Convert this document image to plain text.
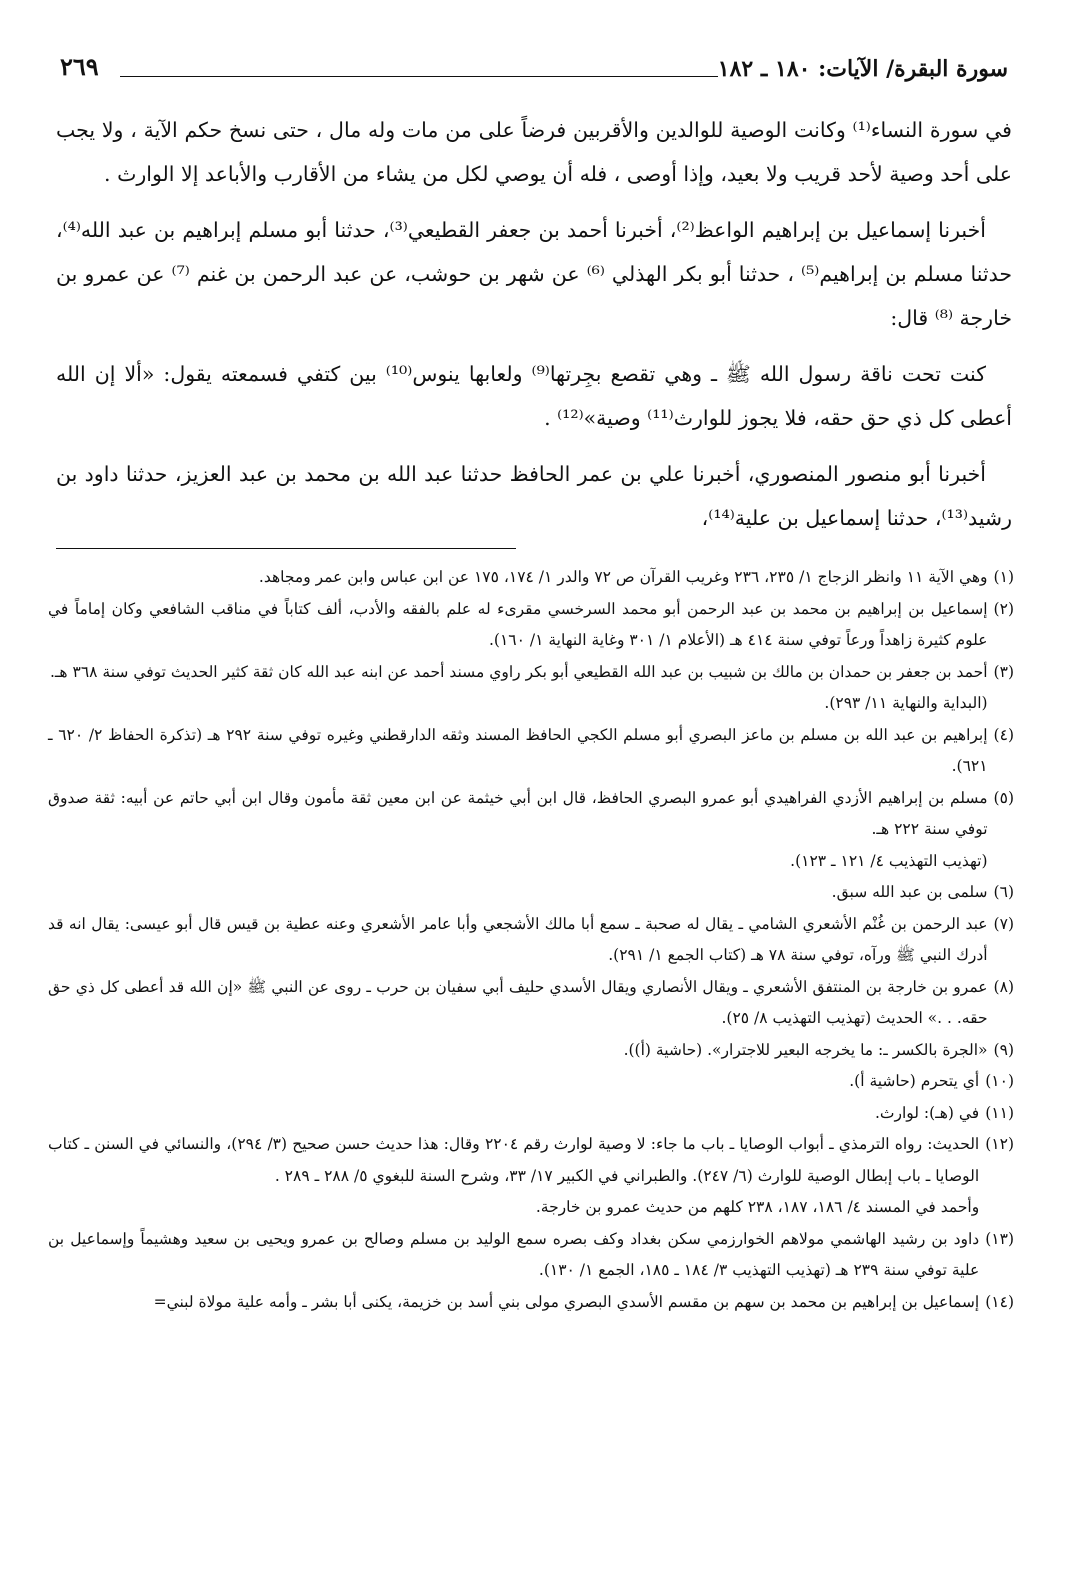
سورة البقرة/ الآيات: ١٨٠ ـ ١٨٢
٢٦٩

في سورة النساء⁽¹⁾ وكانت الوصية للوالدين والأقربين فرضاً على من مات وله مال ، حتى نسخ حكم الآية ، ولا يجب على أحد وصية لأحد قريب ولا بعيد، وإذا أوصى ، فله أن يوصي لكل من يشاء من الأقارب والأباعد إلا الوارث .

أخبرنا إسماعيل بن إبراهيم الواعظ⁽²⁾، أخبرنا أحمد بن جعفر القطيعي⁽³⁾، حدثنا أبو مسلم إبراهيم بن عبد الله⁽⁴⁾، حدثنا مسلم بن إبراهيم⁽⁵⁾ ، حدثنا أبو بكر الهذلي ⁽⁶⁾ عن شهر بن حوشب، عن عبد الرحمن بن غنم ⁽⁷⁾ عن عمرو بن خارجة ⁽⁸⁾ قال:

كنت تحت ناقة رسول الله ﷺ ـ وهي تقصع بجِرتها⁽⁹⁾ ولعابها ينوس⁽¹⁰⁾ بين كتفي فسمعته يقول: «ألا إن الله أعطى كل ذي حق حقه، فلا يجوز للوارث⁽¹¹⁾ وصية»⁽¹²⁾ .

أخبرنا أبو منصور المنصوري، أخبرنا علي بن عمر الحافظ حدثنا عبد الله بن محمد بن عبد العزيز، حدثنا داود بن رشيد⁽¹³⁾، حدثنا إسماعيل بن علية⁽¹⁴⁾،

(١)
وهي الآية ١١ وانظر الزجاج ١/ ٢٣٥، ٢٣٦ وغريب القرآن ص ٧٢ والدر ١/ ١٧٤، ١٧٥ عن ابن عباس وابن عمر ومجاهد.
(٢)
إسماعيل بن إبراهيم بن محمد بن عبد الرحمن أبو محمد السرخسي مقرىء له علم بالفقه والأدب، ألف كتاباً في مناقب الشافعي وكان إماماً في علوم كثيرة زاهداً ورعاً توفي سنة ٤١٤ هـ (الأعلام ١/ ٣٠١ وغاية النهاية ١/ ١٦٠).
(٣)
أحمد بن جعفر بن حمدان بن مالك بن شبيب بن عبد الله القطيعي أبو بكر راوي مسند أحمد عن ابنه عبد الله كان ثقة كثير الحديث توفي سنة ٣٦٨ هـ.
(البداية والنهاية ١١/ ٢٩٣).
(٤)
إبراهيم بن عبد الله بن مسلم بن ماعز البصري أبو مسلم الكجي الحافظ المسند وثقه الدارقطني وغيره توفي سنة ٢٩٢ هـ (تذكرة الحفاظ ٢/ ٦٢٠ ـ ٦٢١).
(٥)
مسلم بن إبراهيم الأزدي الفراهيدي أبو عمرو البصري الحافظ، قال ابن أبي خيثمة عن ابن معين ثقة مأمون وقال ابن أبي حاتم عن أبيه: ثقة صدوق توفي سنة ٢٢٢ هـ.
(تهذيب التهذيب ٤/ ١٢١ ـ ١٢٣).
(٦)
سلمى بن عبد الله سبق.
(٧)
عبد الرحمن بن غُنْم الأشعري الشامي ـ يقال له صحبة ـ سمع أبا مالك الأشجعي وأبا عامر الأشعري وعنه عطية بن قيس قال أبو عيسى: يقال انه قد أدرك النبي ﷺ ورآه، توفي سنة ٧٨ هـ (كتاب الجمع ١/ ٢٩١).
(٨)
عمرو بن خارجة بن المنتفق الأشعري ـ ويقال الأنصاري ويقال الأسدي حليف أبي سفيان بن حرب ـ روى عن النبي ﷺ «إن الله قد أعطى كل ذي حق حقه. . .» الحديث (تهذيب التهذيب ٨/ ٢٥).
(٩)
«الجرة بالكسر ـ: ما يخرجه البعير للاجترار». (حاشية (أ)).
(١٠)
أي يتحرم (حاشية أ).
(١١)
في (هـ): لوارث.
(١٢)
الحديث: رواه الترمذي ـ أبواب الوصايا ـ باب ما جاء: لا وصية لوارث رقم ٢٢٠٤ وقال: هذا حديث حسن صحيح (٣/ ٢٩٤)، والنسائي في السنن ـ كتاب الوصايا ـ باب إبطال الوصية للوارث (٦/ ٢٤٧). والطبراني في الكبير ١٧/ ٣٣، وشرح السنة للبغوي ٥/ ٢٨٨ ـ ٢٨٩ .
وأحمد في المسند ٤/ ١٨٦، ١٨٧، ٢٣٨ كلهم من حديث عمرو بن خارجة.
(١٣)
داود بن رشيد الهاشمي مولاهم الخوارزمي سكن بغداد وكف بصره سمع الوليد بن مسلم وصالح بن عمرو ويحيى بن سعيد وهشيماً وإسماعيل بن علية توفي سنة ٢٣٩ هـ (تهذيب التهذيب ٣/ ١٨٤ ـ ١٨٥، الجمع ١/ ١٣٠).
(١٤)
إسماعيل بن إبراهيم بن محمد بن سهم بن مقسم الأسدي البصري مولى بني أسد بن خزيمة، يكنى أبا بشر ـ وأمه علية مولاة لبني=
